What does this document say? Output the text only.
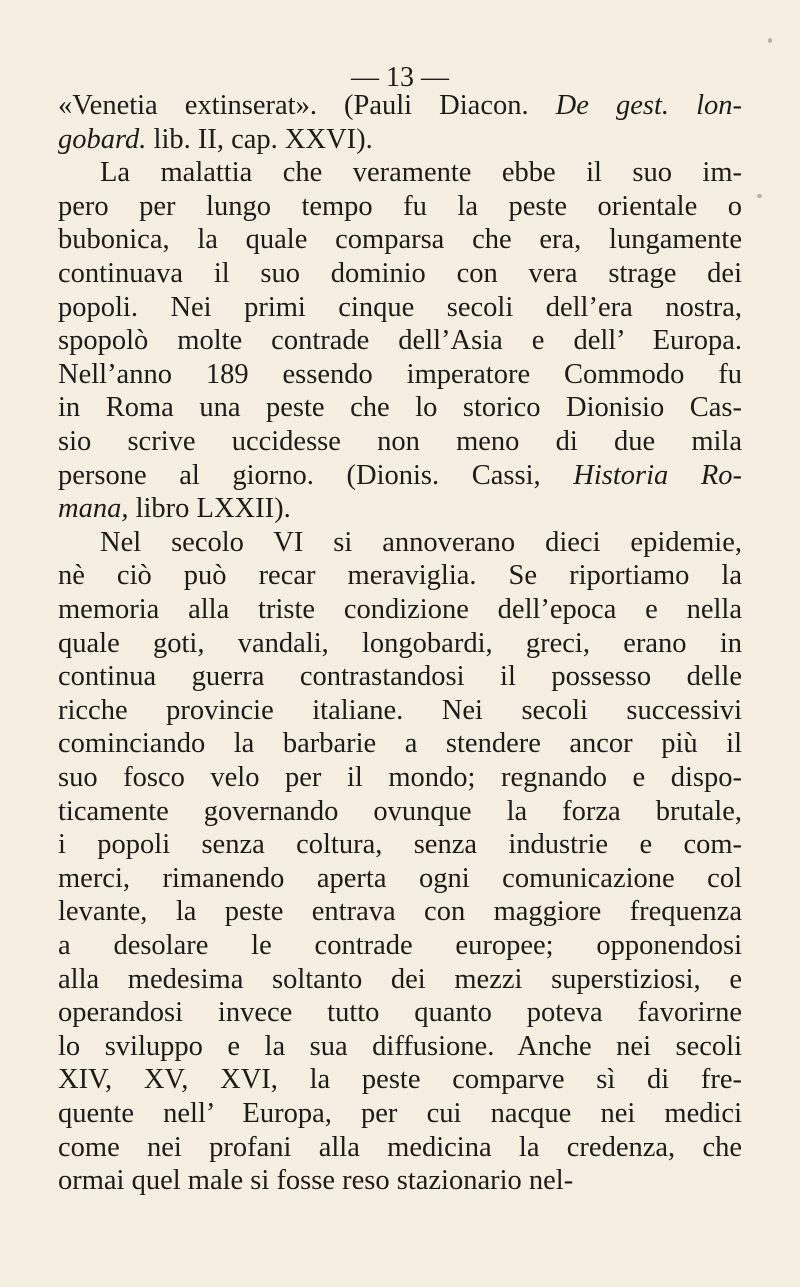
— 13 —
«Venetia extinserat». (Pauli Diacon. De gest. lon-
gobard. lib. II, cap. XXVI).
La malattia che veramente ebbe il suo im-
pero per lungo tempo fu la peste orientale o
bubonica, la quale comparsa che era, lungamente
continuava il suo dominio con vera strage dei
popoli. Nei primi cinque secoli dell’era nostra,
spopolò molte contrade dell’Asia e dell’ Europa.
Nell’anno 189 essendo imperatore Commodo fu
in Roma una peste che lo storico Dionisio Cas-
sio scrive uccidesse non meno di due mila
persone al giorno. (Dionis. Cassi, Historia Ro-
mana, libro LXXII).
Nel secolo VI si annoverano dieci epidemie,
nè ciò può recar meraviglia. Se riportiamo la
memoria alla triste condizione dell’epoca e nella
quale goti, vandali, longobardi, greci, erano in
continua guerra contrastandosi il possesso delle
ricche provincie italiane. Nei secoli successivi
cominciando la barbarie a stendere ancor più il
suo fosco velo per il mondo; regnando e dispo-
ticamente governando ovunque la forza brutale,
i popoli senza coltura, senza industrie e com-
merci, rimanendo aperta ogni comunicazione col
levante, la peste entrava con maggiore frequenza
a desolare le contrade europee; opponendosi
alla medesima soltanto dei mezzi superstiziosi, e
operandosi invece tutto quanto poteva favorirne
lo sviluppo e la sua diffusione. Anche nei secoli
XIV, XV, XVI, la peste comparve sì di fre-
quente nell’ Europa, per cui nacque nei medici
come nei profani alla medicina la credenza, che
ormai quel male si fosse reso stazionario nel-
